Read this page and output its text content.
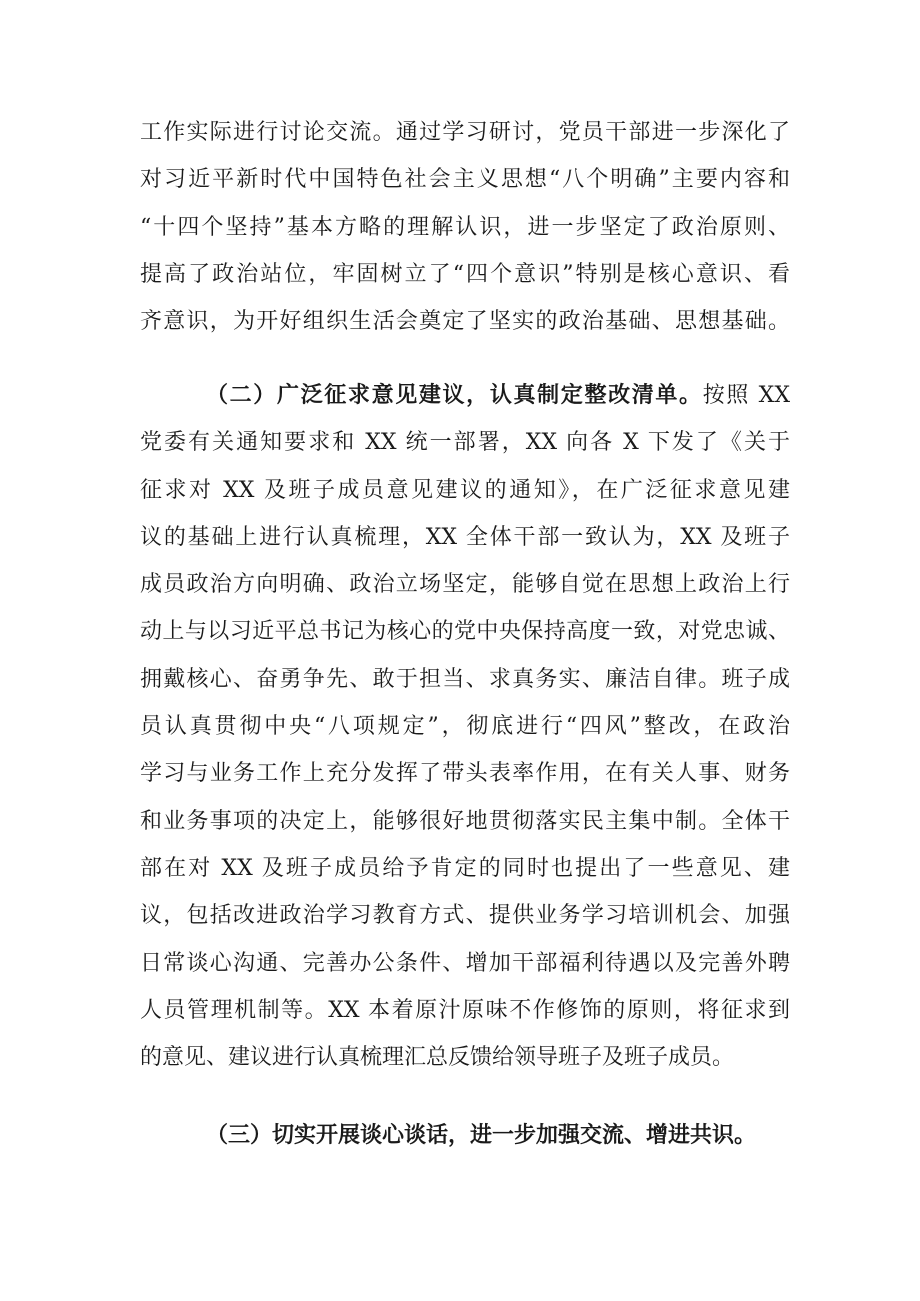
工作实际进行讨论交流。通过学习研讨，党员干部进一步深化了
对习近平新时代中国特色社会主义思想“八个明确”主要内容和
“十四个坚持”基本方略的理解认识，进一步坚定了政治原则、
提高了政治站位，牢固树立了“四个意识”特别是核心意识、看
齐意识，为开好组织生活会奠定了坚实的政治基础、思想基础。
（二）广泛征求意见建议，认真制定整改清单。按照 XX
党委有关通知要求和 XX 统一部署，XX 向各 X 下发了《关于
征求对 XX 及班子成员意见建议的通知》，在广泛征求意见建
议的基础上进行认真梳理，XX 全体干部一致认为，XX 及班子
成员政治方向明确、政治立场坚定，能够自觉在思想上政治上行
动上与以习近平总书记为核心的党中央保持高度一致，对党忠诚、
拥戴核心、奋勇争先、敢于担当、求真务实、廉洁自律。班子成
员认真贯彻中央“八项规定”，彻底进行“四风”整改，在政治
学习与业务工作上充分发挥了带头表率作用，在有关人事、财务
和业务事项的决定上，能够很好地贯彻落实民主集中制。全体干
部在对 XX 及班子成员给予肯定的同时也提出了一些意见、建
议，包括改进政治学习教育方式、提供业务学习培训机会、加强
日常谈心沟通、完善办公条件、增加干部福利待遇以及完善外聘
人员管理机制等。XX 本着原汁原味不作修饰的原则，将征求到
的意见、建议进行认真梳理汇总反馈给领导班子及班子成员。
（三）切实开展谈心谈话，进一步加强交流、增进共识。
